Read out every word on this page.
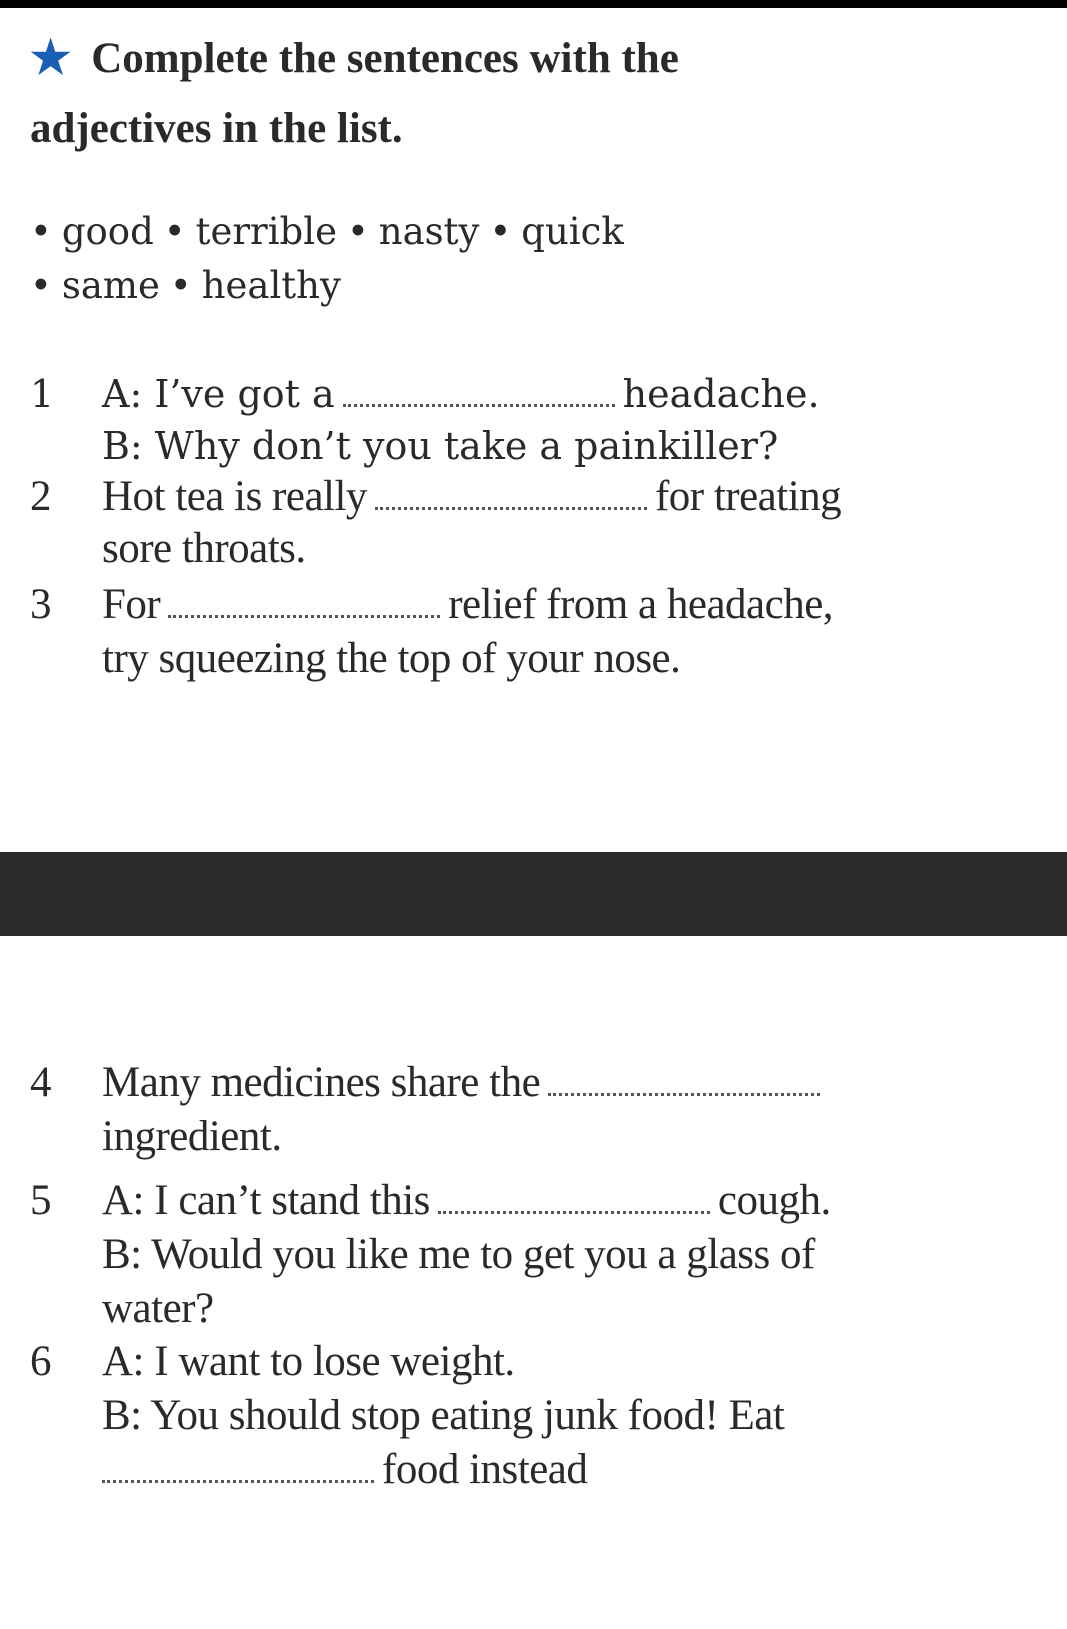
★ Complete the sentences with the
adjectives in the list.
• good • terrible • nasty • quick
• same • healthy
1	A: I’ve got a	headache.
B: Why don’t you take a painkiller?
2	Hot tea is really	for treating
sore throats.
3	For	relief from a headache,
try squeezing the top of your nose.
4	Many medicines share the
ingredient.
5	A: I can’t stand this	cough.
B: Would you like me to get you a glass of
water?
6	A: I want to lose weight.
B: You should stop eating junk food! Eat
food instead
